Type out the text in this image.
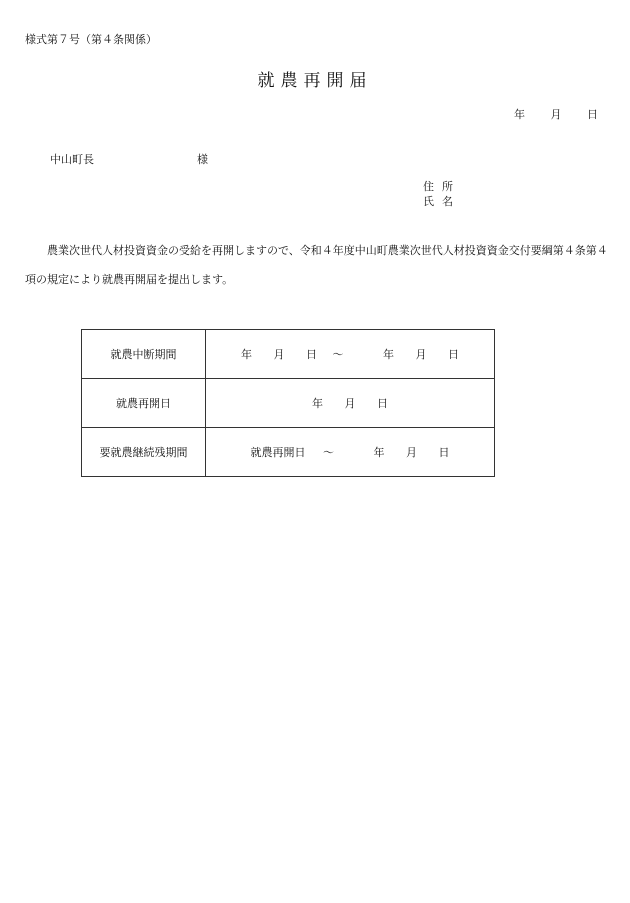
様式第７号（第４条関係）
就農再開届
年 月 日
中山町長	様
住 所
氏 名
農業次世代人材投資資金の受給を再開しますので、令和４年度中山町農業次世代人材投資資金交付要綱第４条第４項の規定により就農再開届を提出します。
就農中断期間	年 月 日 ～ 年 月 日
就農再開日	年 月 日
要就農継続残期間	就農再開日 ～ 年 月 日
